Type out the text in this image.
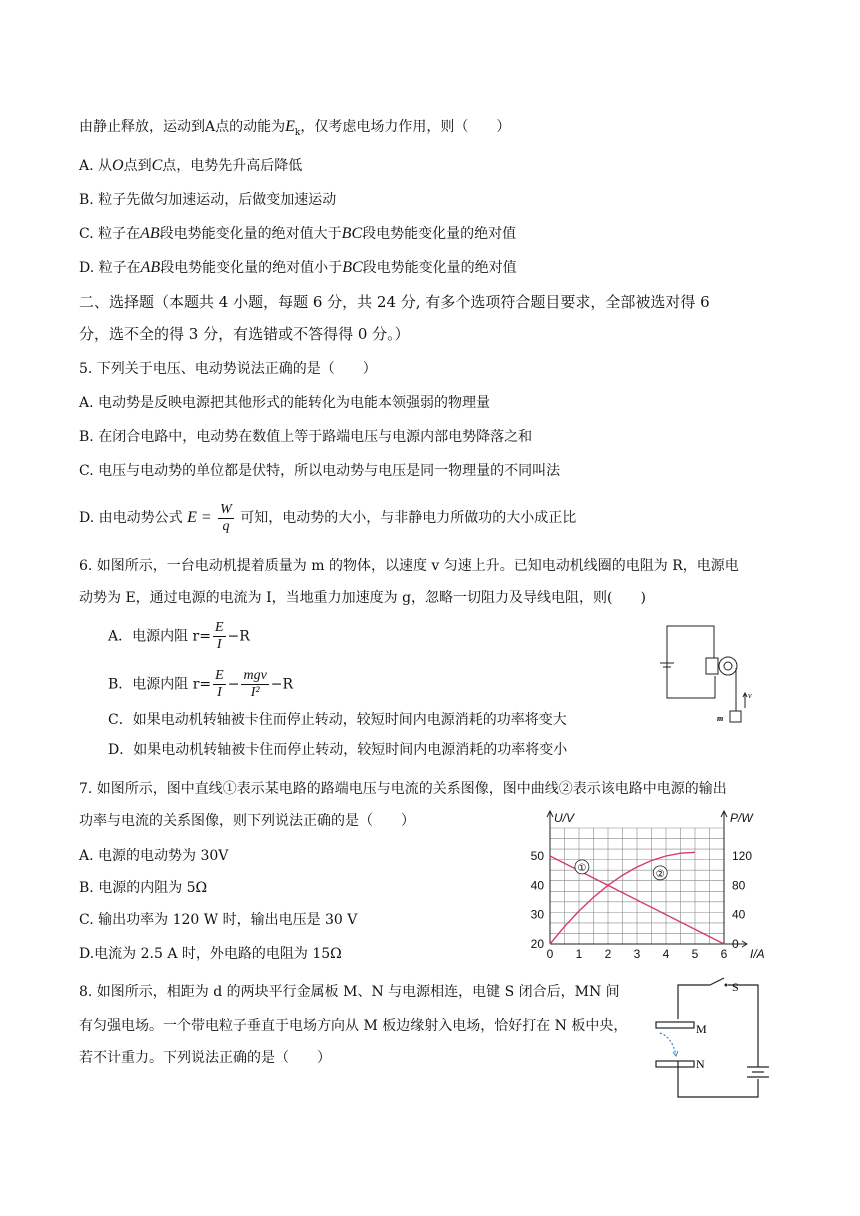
由静止释放，运动到A点的动能为$E_k$，仅考虑电场力作用，则（　　）
A. 从O点到C点，电势先升高后降低
B. 粒子先做匀加速运动，后做变加速运动
C. 粒子在AB段电势能变化量的绝对值大于BC段电势能变化量的绝对值
D. 粒子在AB段电势能变化量的绝对值小于BC段电势能变化量的绝对值
二、选择题（本题共 4 小题，每题 6 分，共 24 分, 有多个选项符合题目要求，全部被选对得 6
分，选不全的得 3 分，有选错或不答得得 0 分。）
5. 下列关于电压、电动势说法正确的是（　　）
A. 电动势是反映电源把其他形式的能转化为电能本领强弱的物理量
B. 在闭合电路中，电动势在数值上等于路端电压与电源内部电势降落之和
C. 电压与电动势的单位都是伏特，所以电动势与电压是同一物理量的不同叫法
D. 由电动势公式 $E = \frac{W}{q}$ 可知，电动势的大小，与非静电力所做功的大小成正比
6. 如图所示，一台电动机提着质量为 m 的物体，以速度 v 匀速上升。已知电动机线圈的电阻为 R，电源电
动势为 E，通过电源的电流为 I，当地重力加速度为 g，忽略一切阻力及导线电阻，则(　　)
A．电源内阻 $r= \frac{E}{I} -R$
B．电源内阻 $r= \frac{E}{I} - \frac{\text{mgv}}{\text{I²}} -R$
C．如果电动机转轴被卡住而停止转动，较短时间内电源消耗的功率将变大
D．如果电动机转轴被卡住而停止转动，较短时间内电源消耗的功率将变小
v
m
7. 如图所示，图中直线①表示某电路的路端电压与电流的关系图像，图中曲线②表示该电路中电源的输出
功率与电流的关系图像，则下列说法正确的是（　　）
A. 电源的电动势为 30V
B. 电源的内阻为 5Ω
C. 输出功率为 120 W 时，输出电压是 30 V
D.电流为 2.5 A 时，外电路的电阻为 15Ω
①
②
0 1 2 3 4 5 6
20
30
40
50
0
40
80
120
I/A
U/V	P/W
8. 如图所示，相距为 d 的两块平行金属板 M、N 与电源相连，电键 S 闭合后，MN 间
有匀强电场。一个带电粒子垂直于电场方向从 M 板边缘射入电场，恰好打在 N 板中央，
若不计重力。下列说法正确的是（　　）
S
M
N
